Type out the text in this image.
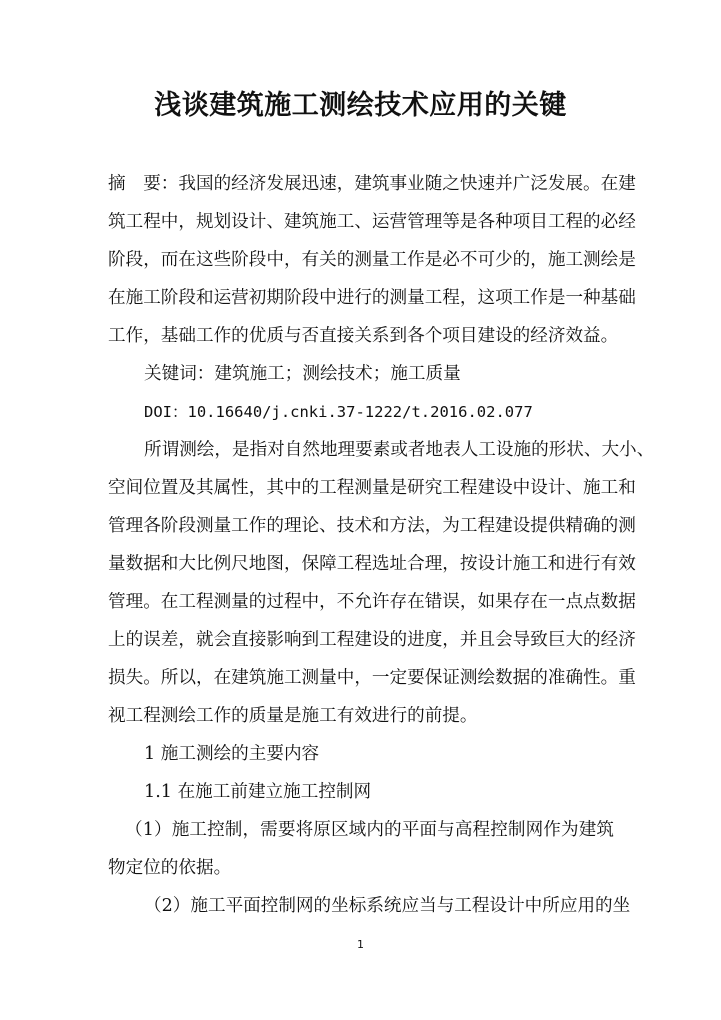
浅谈建筑施工测绘技术应用的关键
摘　要：我国的经济发展迅速，建筑事业随之快速并广泛发展。在建
筑工程中，规划设计、建筑施工、运营管理等是各种项目工程的必经
阶段，而在这些阶段中，有关的测量工作是必不可少的，施工测绘是
在施工阶段和运营初期阶段中进行的测量工程，这项工作是一种基础
工作，基础工作的优质与否直接关系到各个项目建设的经济效益。
关键词：建筑施工；测绘技术；施工质量
DOI：10.16640/j.cnki.37-1222/t.2016.02.077
所谓测绘，是指对自然地理要素或者地表人工设施的形状、大小、
空间位置及其属性，其中的工程测量是研究工程建设中设计、施工和
管理各阶段测量工作的理论、技术和方法，为工程建设提供精确的测
量数据和大比例尺地图，保障工程选址合理，按设计施工和进行有效
管理。在工程测量的过程中，不允许存在错误，如果存在一点点数据
上的误差，就会直接影响到工程建设的进度，并且会导致巨大的经济
损失。所以，在建筑施工测量中，一定要保证测绘数据的准确性。重
视工程测绘工作的质量是施工有效进行的前提。
1 施工测绘的主要内容
1.1 在施工前建立施工控制网
（1）施工控制，需要将原区域内的平面与高程控制网作为建筑
物定位的依据。
（2）施工平面控制网的坐标系统应当与工程设计中所应用的坐
1
